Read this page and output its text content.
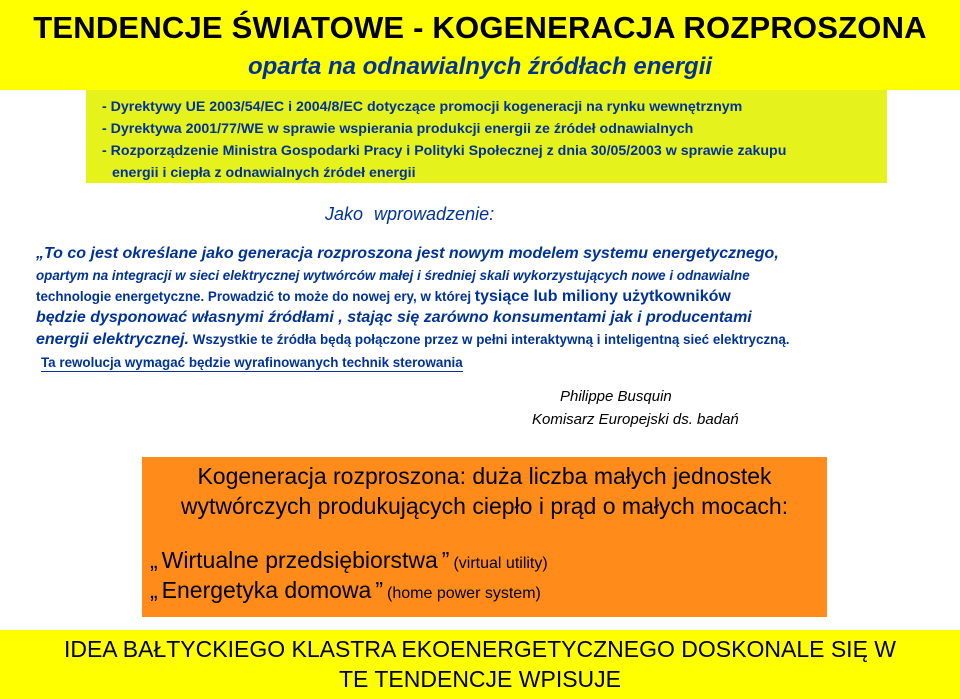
TENDENCJE ŚWIATOWE - KOGENERACJA ROZPROSZONA
oparta na odnawialnych źródłach energii
- Dyrektywy UE 2003/54/EC i 2004/8/EC dotyczące promocji kogeneracji na rynku wewnętrznym
- Dyrektywa 2001/77/WE w sprawie wspierania produkcji energii ze źródeł odnawialnych
- Rozporządzenie Ministra Gospodarki Pracy i Polityki Społecznej z dnia 30/05/2003 w sprawie zakupu
energii i ciepła z odnawialnych źródeł energii
Jako wprowadzenie:
„To co jest określane jako generacja rozproszona jest nowym modelem systemu energetycznego,
opartym na integracji w sieci elektrycznej wytwórców małej i średniej skali wykorzystujących nowe i odnawialne
technologie energetyczne. Prowadzić to może do nowej ery, w której tysiące lub miliony użytkowników
będzie dysponować własnymi źródłami , stając się zarówno konsumentami jak i producentami
energii elektrycznej. Wszystkie te źródła będą połączone przez w pełni interaktywną i inteligentną sieć elektryczną.
Ta rewolucja wymagać będzie wyrafinowanych technik sterowania
Philippe Busquin
Komisarz Europejski ds. badań
Kogeneracja rozproszona: duża liczba małych jednostek
wytwórczych produkujących ciepło i prąd o małych mocach:
„ Wirtualne przedsiębiorstwa ” (virtual utility)
„ Energetyka domowa ” (home power system)
IDEA BAŁTYCKIEGO KLASTRA EKOENERGETYCZNEGO DOSKONALE SIĘ W
TE TENDENCJE WPISUJE
